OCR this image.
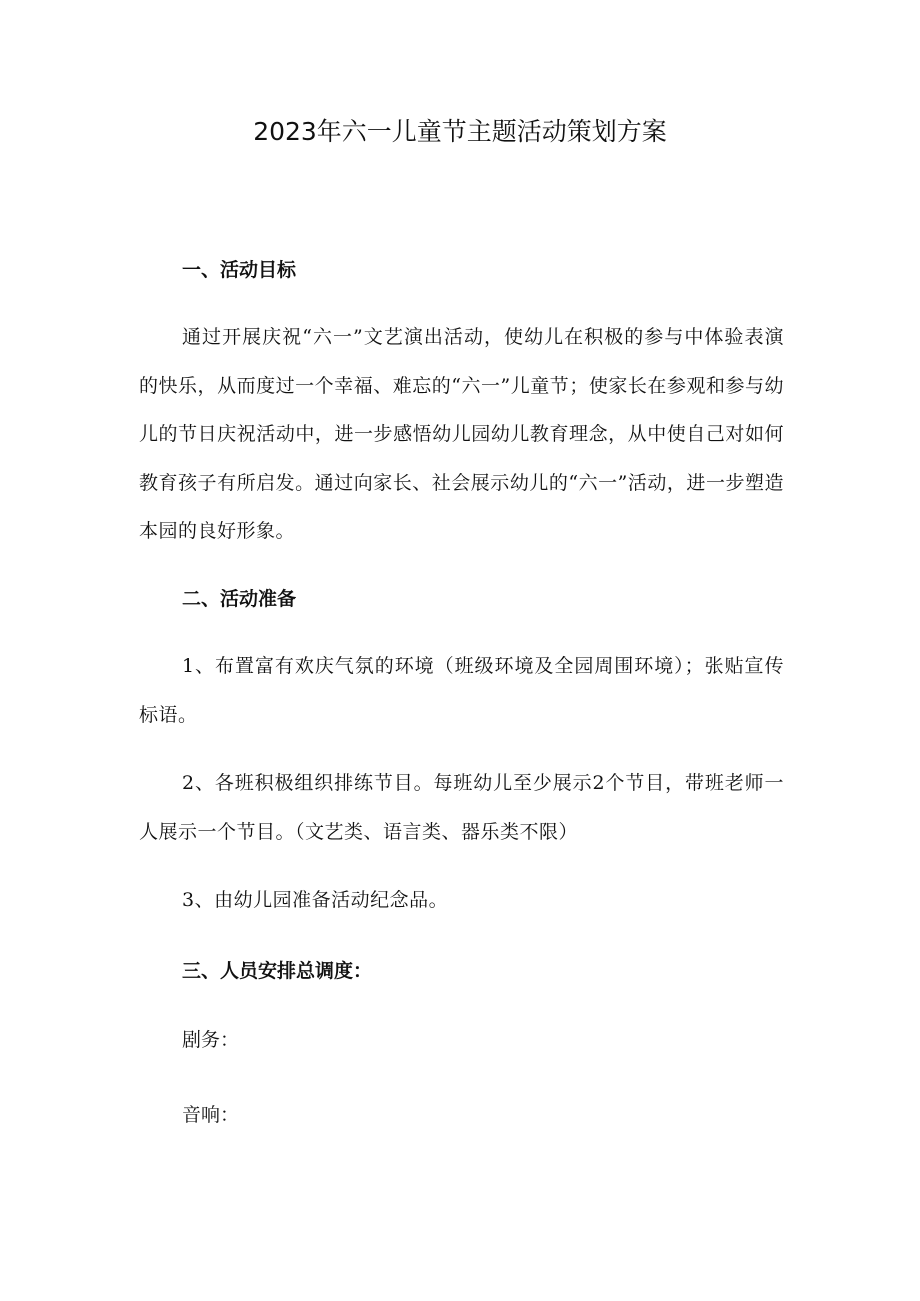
2023年六一儿童节主题活动策划方案
一、活动目标
通过开展庆祝“六一”文艺演出活动，使幼儿在积极的参与中体验表演的快乐，从而度过一个幸福、难忘的“六一”儿童节；使家长在参观和参与幼儿的节日庆祝活动中，进一步感悟幼儿园幼儿教育理念，从中使自己对如何教育孩子有所启发。通过向家长、社会展示幼儿的“六一”活动，进一步塑造本园的良好形象。
二、活动准备
1、布置富有欢庆气氛的环境（班级环境及全园周围环境）；张贴宣传标语。
2、各班积极组织排练节目。每班幼儿至少展示2个节目，带班老师一人展示一个节目。（文艺类、语言类、器乐类不限）
3、由幼儿园准备活动纪念品。
三、人员安排总调度：
剧务：
音响：
